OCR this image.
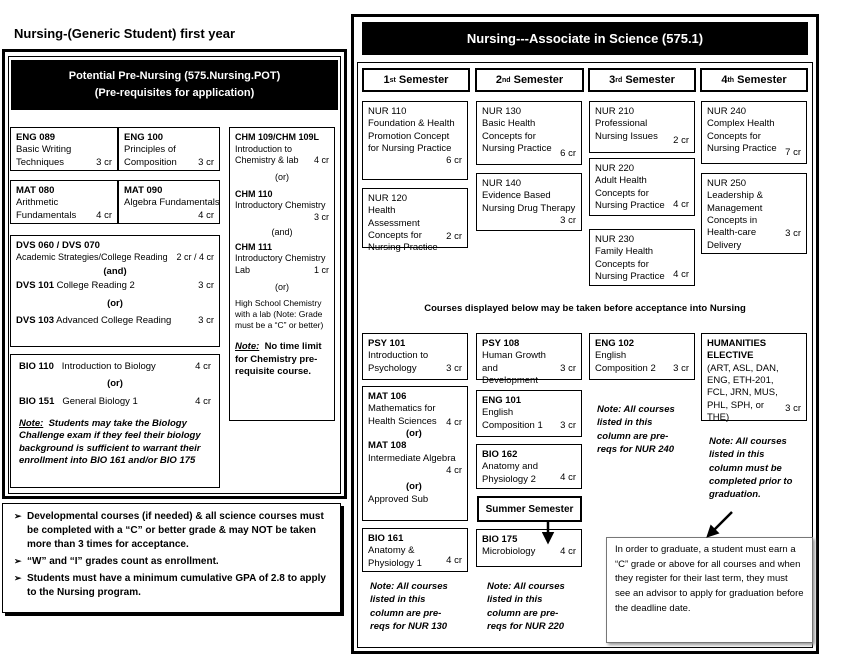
Nursing-(Generic Student) first year
Potential Pre-Nursing (575.Nursing.POT)
(Pre-requisites for application)
ENG 089
Basic Writing
Techniques	3 cr
ENG 100
Principles of
Composition 3 cr
MAT 080
Arithmetic
Fundamentals 4 cr
MAT 090
Algebra Fundamentals
4 cr
DVS 060 / DVS 070
Academic Strategies/College Reading 2 cr / 4 cr
(and)
DVS 101 College Reading 2	3 cr
(or)
DVS 103 Advanced College Reading	3 cr
BIO 110 Introduction to Biology	4 cr
(or)
BIO 151 General Biology 1	4 cr
Note: Students may take the Biology Challenge exam if they feel their biology background is sufficient to warrant their enrollment into BIO 161 and/or BIO 175
CHM 109/CHM 109L
Introduction to
Chemistry & lab 4 cr
(or)
CHM 110
Introductory Chemistry
3 cr
(and)
CHM 111
Introductory Chemistry
Lab	1 cr
(or)
High School Chemistry with a lab (Note: Grade must be a “C” or better)
Note: No time limit for Chemistry pre-requisite course.
➢ Developmental courses (if needed) & all science courses must be completed with a “C” or better grade & may NOT be taken more than 3 times for acceptance.
➢ “W” and “I” grades count as enrollment.
➢ Students must have a minimum cumulative GPA of 2.8 to apply to the Nursing program.
Nursing---Associate in Science (575.1)
1 st Semester	2 nd Semester	3 rd Semester	4 th Semester
NUR 110
Foundation & Health Promotion Concept for Nursing Practice
6 cr
NUR 120
Health Assessment Concepts for Nursing Practice
2 cr
NUR 130
Basic Health Concepts for Nursing Practice 6 cr
NUR 140
Evidence Based Nursing Drug Therapy
3 cr
NUR 210
Professional Nursing Issues	2 cr
NUR 220
Adult Health Concepts for Nursing Practice 4 cr
NUR 230
Family Health Concepts for Nursing Practice 4 cr
NUR 240
Complex Health Concepts for Nursing Practice 7 cr
NUR 250
Leadership & Management Concepts in Health-care Delivery
3 cr
Courses displayed below may be taken before acceptance into Nursing
PSY 101
Introduction to Psychology	3 cr
MAT 106
Mathematics for Health Sciences	4 cr
(or)
MAT 108
Intermediate Algebra
4 cr
(or)
Approved Sub
BIO 161
Anatomy & Physiology 1	4 cr
Note: All courses listed in this column are pre-reqs for NUR 130
PSY 108
Human Growth and Development
3 cr
ENG 101
English Composition 1	3 cr
BIO 162
Anatomy and Physiology 2	4 cr
Summer Semester
BIO 175
Microbiology	4 cr
Note: All courses listed in this column are pre-reqs for NUR 220
ENG 102
English Composition 2	3 cr
Note: All courses listed in this column are pre-reqs for NUR 240
HUMANITIES ELECTIVE
(ART, ASL, DAN, ENG, ETH-201, FCL, JRN, MUS, PHL, SPH, or THE)
3 cr
Note: All courses listed in this column must be completed prior to graduation.
In order to graduate, a student must earn a “C” grade or above for all courses and when they register for their last term, they must see an advisor to apply for graduation before the deadline date.
